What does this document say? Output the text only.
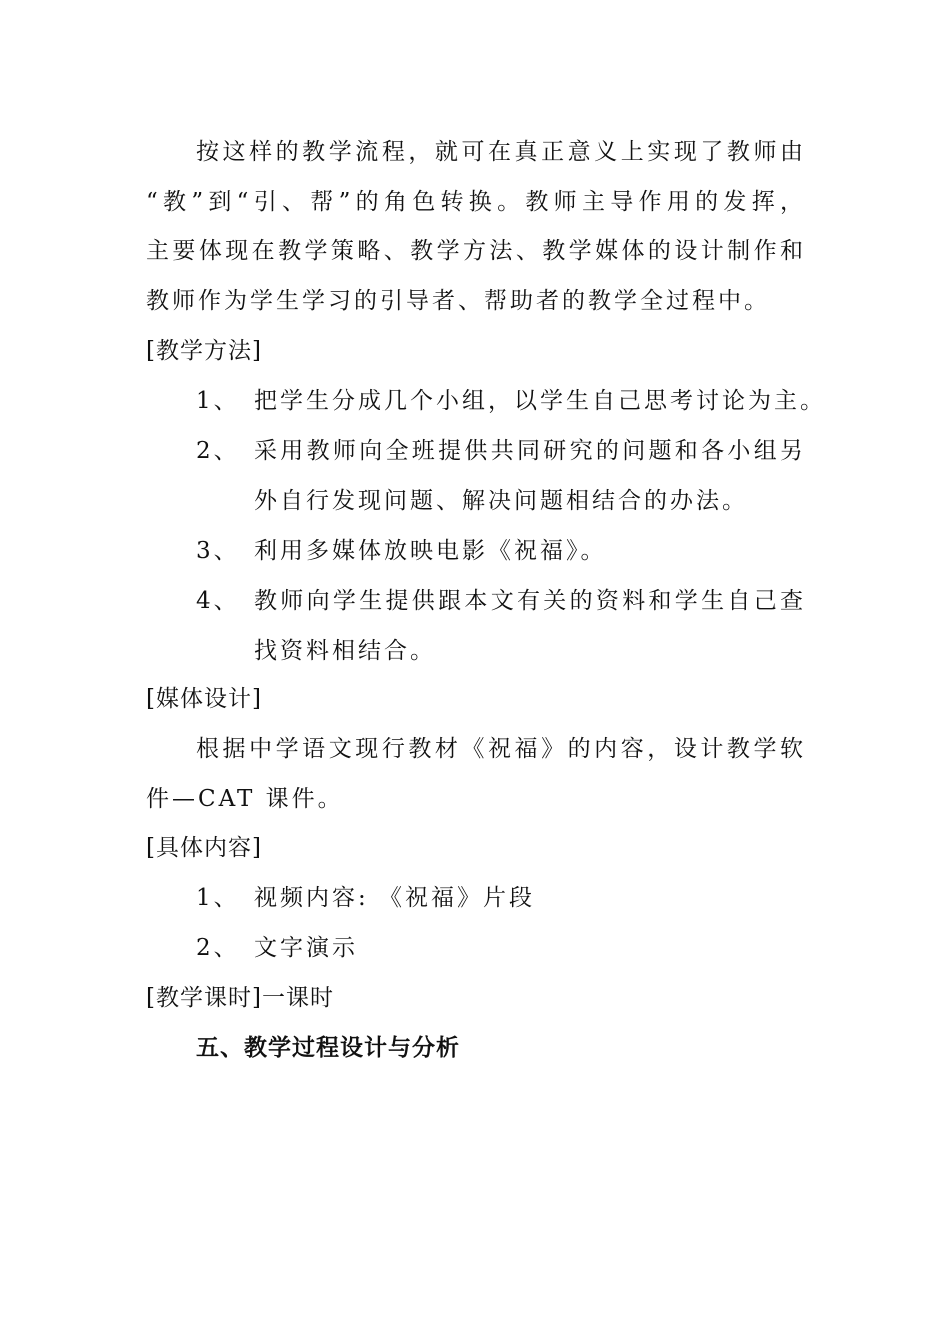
按这样的教学流程，就可在真正意义上实现了教师由
“教”到“引、帮”的角色转换。教师主导作用的发挥，
主要体现在教学策略、教学方法、教学媒体的设计制作和
教师作为学生学习的引导者、帮助者的教学全过程中。
[教学方法]
1、 把学生分成几个小组，以学生自己思考讨论为主。
2、 采用教师向全班提供共同研究的问题和各小组另
外自行发现问题、解决问题相结合的办法。
3、 利用多媒体放映电影《祝福》。
4、 教师向学生提供跟本文有关的资料和学生自己查
找资料相结合。
[媒体设计]
根据中学语文现行教材《祝福》的内容，设计教学软
件—CAT 课件。
[具体内容]
1、 视频内容: 《祝福》片段
2、 文字演示
[教学课时]一课时
五、教学过程设计与分析
